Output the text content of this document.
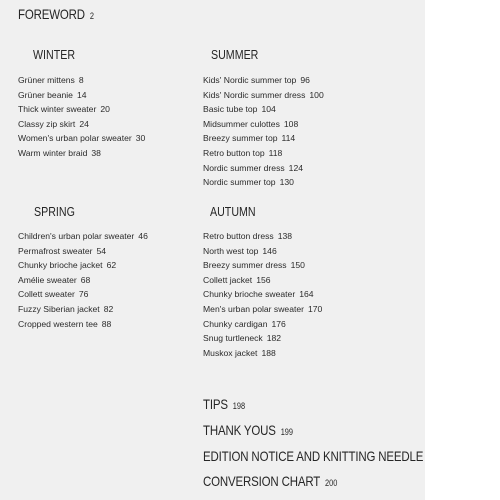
FOREWORD 2
WINTER
Grüner mittens 8
Grüner beanie 14
Thick winter sweater 20
Classy zip skirt 24
Women's urban polar sweater 30
Warm winter braid 38
SUMMER
Kids' Nordic summer top 96
Kids' Nordic summer dress 100
Basic tube top 104
Midsummer culottes 108
Breezy summer top 114
Retro button top 118
Nordic summer dress 124
Nordic summer top 130
SPRING
Children's urban polar sweater 46
Permafrost sweater 54
Chunky brioche jacket 62
Amélie sweater 68
Collett sweater 76
Fuzzy Siberian jacket 82
Cropped western tee 88
AUTUMN
Retro button dress 138
North west top 146
Breezy summer dress 150
Collett jacket 156
Chunky brioche sweater 164
Men's urban polar sweater 170
Chunky cardigan 176
Snug turtleneck 182
Muskox jacket 188
TIPS 198
THANK YOUS 199
EDITION NOTICE AND KNITTING NEEDLE
CONVERSION CHART 200
